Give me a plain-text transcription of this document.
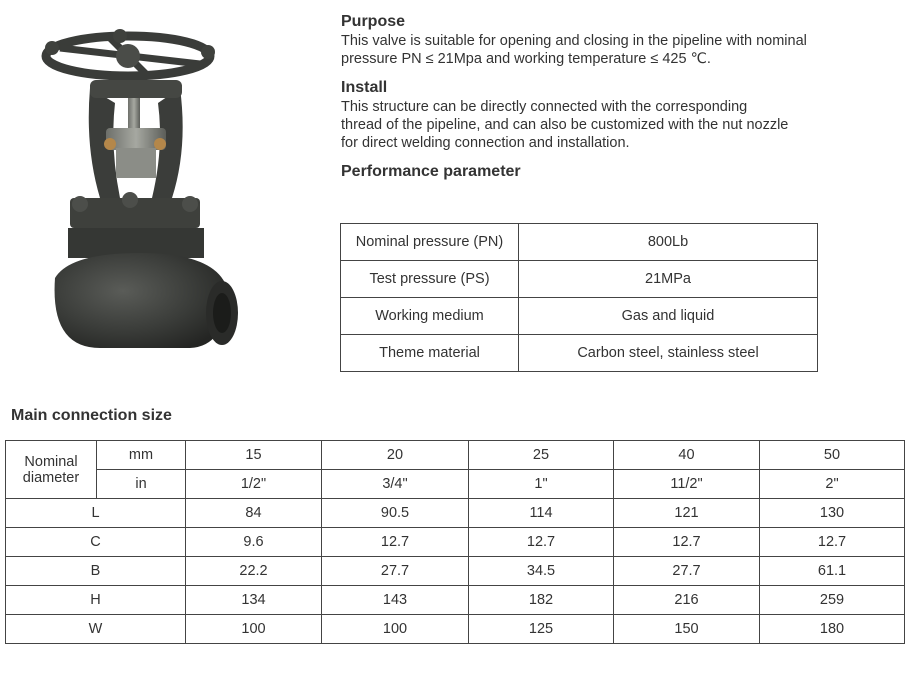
Purpose

This valve is suitable for opening and closing in the pipeline with nominal

pressure PN ≤ 21Mpa and working temperature ≤ 425 ℃.

Install

This structure can be directly connected with the corresponding

thread of the pipeline, and can also be customized with the nut nozzle

for direct welding connection and installation.

Performance parameter
Nominal pressure (PN)	800Lb
Test pressure (PS)	21MPa
Working medium	Gas and liquid
Theme material	Carbon steel, stainless steel
Main connection size
Nominal diameter	mm	15	20	25	40	50
	in	1/2"	3/4"	1"	11/2"	2"
L		84	90.5	114	121	130
C		9.6	12.7	12.7	12.7	12.7
B		22.2	27.7	34.5	27.7	61.1
H		134	143	182	216	259
W		100	100	125	150	180
